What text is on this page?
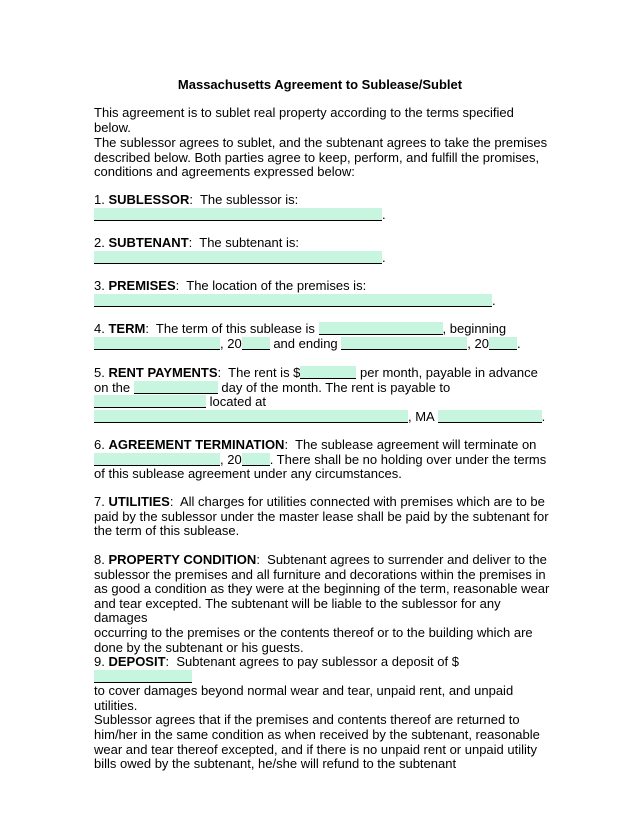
Massachusetts Agreement to Sublease/Sublet
This agreement is to sublet real property according to the terms specified below.
The sublessor agrees to sublet, and the subtenant agrees to take the premises
described below. Both parties agree to keep, perform, and fulfill the promises,
conditions and agreements expressed below:
1. SUBLESSOR:  The sublessor is:
.
2. SUBTENANT:  The subtenant is:
.
3. PREMISES:  The location of the premises is:
.
4. TERM:  The term of this sublease is	, beginning
, 20 and ending	, 20 .
5. RENT PAYMENTS:  The rent is $	per month, payable in advance
on the	day of the month. The rent is payable to
located at
, MA	.
6. AGREEMENT TERMINATION:  The sublease agreement will terminate on
, 20 . There shall be no holding over under the terms
of this sublease agreement under any circumstances.
7. UTILITIES:  All charges for utilities connected with premises which are to be
paid by the sublessor under the master lease shall be paid by the subtenant for
the term of this sublease.
8. PROPERTY CONDITION:  Subtenant agrees to surrender and deliver to the
sublessor the premises and all furniture and decorations within the premises in
as good a condition as they were at the beginning of the term, reasonable wear
and tear excepted. The subtenant will be liable to the sublessor for any damages
occurring to the premises or the contents thereof or to the building which are
done by the subtenant or his guests.
9. DEPOSIT:  Subtenant agrees to pay sublessor a deposit of $
to cover damages beyond normal wear and tear, unpaid rent, and unpaid utilities.
Sublessor agrees that if the premises and contents thereof are returned to
him/her in the same condition as when received by the subtenant, reasonable
wear and tear thereof excepted, and if there is no unpaid rent or unpaid utility
bills owed by the subtenant, he/she will refund to the subtenant
